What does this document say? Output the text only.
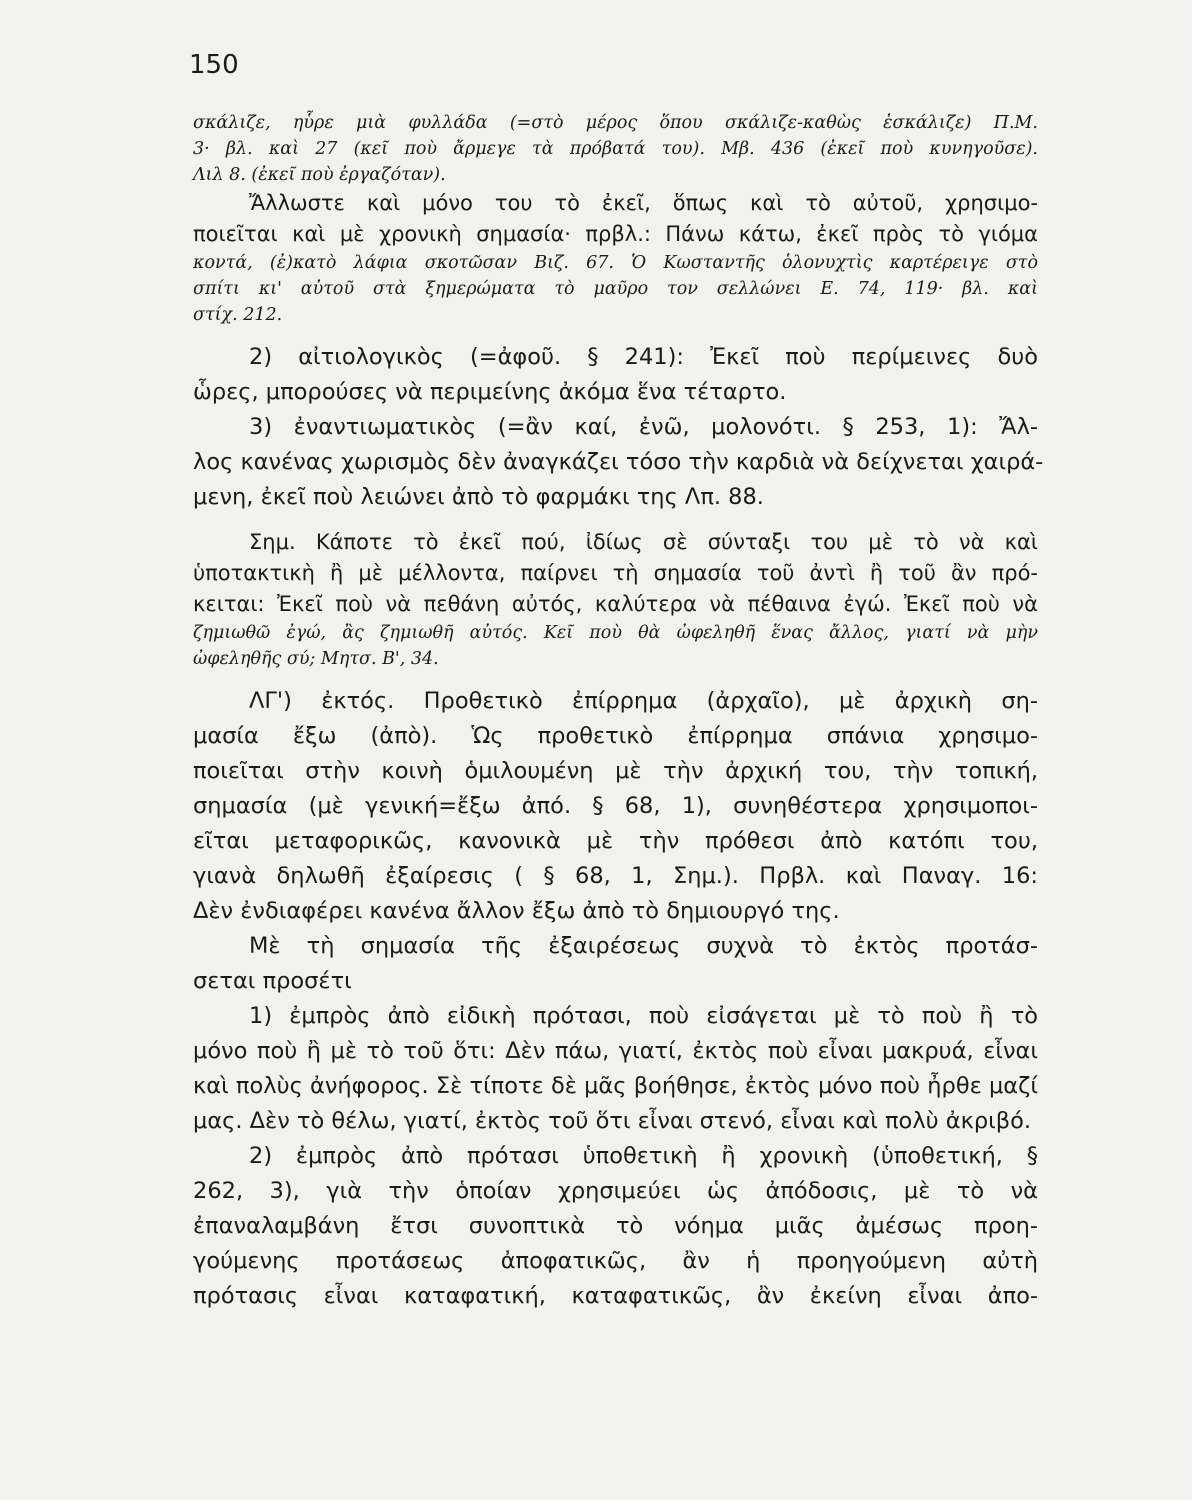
150
σκάλιζε, ηὗρε μιὰ φυλλάδα (=στὸ μέρος ὅπου σκάλιζε-καθὼς ἐσκάλιζε) Π.Μ.
3· βλ. καὶ 27 (κεῖ ποὺ ἄρμεγε τὰ πρόβατά του). Μβ. 436 (ἐκεῖ ποὺ κυνηγοῦσε).
Λιλ 8. (ἐκεῖ ποὺ ἐργαζόταν).
Ἄλλωστε καὶ μόνο του τὸ ἐκεῖ, ὅπως καὶ τὸ αὐτοῦ, χρησιμο-
ποιεῖται καὶ μὲ χρονικὴ σημασία· πρβλ.: Πάνω κάτω, ἐκεῖ πρὸς τὸ γιόμα
κοντά, (ἐ)κατὸ λάφια σκοτῶσαν Βιζ. 67. Ὁ Κωσταντῆς ὁλονυχτὶς καρτέρειγε στὸ
σπίτι κι' αὐτοῦ στὰ ξημερώματα τὸ μαῦρο τον σελλώνει Ε. 74, 119· βλ. καὶ
στίχ. 212.
2) αἰτιολογικὸς (=ἀφοῦ. § 241): Ἐκεῖ ποὺ περίμεινες δυὸ
ὧρες, μπορούσες νὰ περιμείνης ἀκόμα ἕνα τέταρτο.
3) ἐναντιωματικὸς (=ἂν καί, ἐνῶ, μολονότι. § 253, 1): Ἄλ-
λος κανένας χωρισμὸς δὲν ἀναγκάζει τόσο τὴν καρδιὰ νὰ δείχνεται χαιρά-
μενη, ἐκεῖ ποὺ λειώνει ἀπὸ τὸ φαρμάκι της Λπ. 88.
Σημ. Κάποτε τὸ ἐκεῖ πού, ἰδίως σὲ σύνταξι του μὲ τὸ νὰ καὶ
ὑποτακτικὴ ἢ μὲ μέλλοντα, παίρνει τὴ σημασία τοῦ ἀντὶ ἢ τοῦ ἂν πρό-
κειται: Ἐκεῖ ποὺ νὰ πεθάνη αὐτός, καλύτερα νὰ πέθαινα ἐγώ. Ἐκεῖ ποὺ νὰ
ζημιωθῶ ἐγώ, ἂς ζημιωθῆ αὐτός. Κεῖ ποὺ θὰ ὠφεληθῆ ἕνας ἄλλος, γιατί νὰ μὴν
ὠφεληθῆς σύ; Μητσ. Β', 34.
ΛΓ') ἐκτός. Προθετικὸ ἐπίρρημα (ἀρχαῖο), μὲ ἀρχικὴ ση-
μασία ἔξω (ἀπὸ). Ὡς προθετικὸ ἐπίρρημα σπάνια χρησιμο-
ποιεῖται στὴν κοινὴ ὁμιλουμένη μὲ τὴν ἀρχική του, τὴν τοπική,
σημασία (μὲ γενική=ἔξω ἀπό. § 68, 1), συνηθέστερα χρησιμοποι-
εῖται μεταφορικῶς, κανονικὰ μὲ τὴν πρόθεσι ἀπὸ κατόπι του,
γιανὰ δηλωθῆ ἐξαίρεσις ( § 68, 1, Σημ.). Πρβλ. καὶ Παναγ. 16:
Δὲν ἐνδιαφέρει κανένα ἄλλον ἔξω ἀπὸ τὸ δημιουργό της.
Μὲ τὴ σημασία τῆς ἐξαιρέσεως συχνὰ τὸ ἐκτὸς προτάσ-
σεται προσέτι
1) ἐμπρὸς ἀπὸ εἰδικὴ πρότασι, ποὺ εἰσάγεται μὲ τὸ ποὺ ἢ τὸ
μόνο ποὺ ἢ μὲ τὸ τοῦ ὅτι: Δὲν πάω, γιατί, ἐκτὸς ποὺ εἶναι μακρυά, εἶναι
καὶ πολὺς ἀνήφορος. Σὲ τίποτε δὲ μᾶς βοήθησε, ἐκτὸς μόνο ποὺ ἦρθε μαζί
μας. Δὲν τὸ θέλω, γιατί, ἐκτὸς τοῦ ὅτι εἶναι στενό, εἶναι καὶ πολὺ ἀκριβό.
2) ἐμπρὸς ἀπὸ πρότασι ὑποθετικὴ ἢ χρονικὴ (ὑποθετική, §
262, 3), γιὰ τὴν ὁποίαν χρησιμεύει ὡς ἀπόδοσις, μὲ τὸ νὰ
ἐπαναλαμβάνη ἔτσι συνοπτικὰ τὸ νόημα μιᾶς ἀμέσως προη-
γούμενης προτάσεως ἀποφατικῶς, ἂν ἡ προηγούμενη αὐτὴ
πρότασις εἶναι καταφατική, καταφατικῶς, ἂν ἐκείνη εἶναι ἀπο-
